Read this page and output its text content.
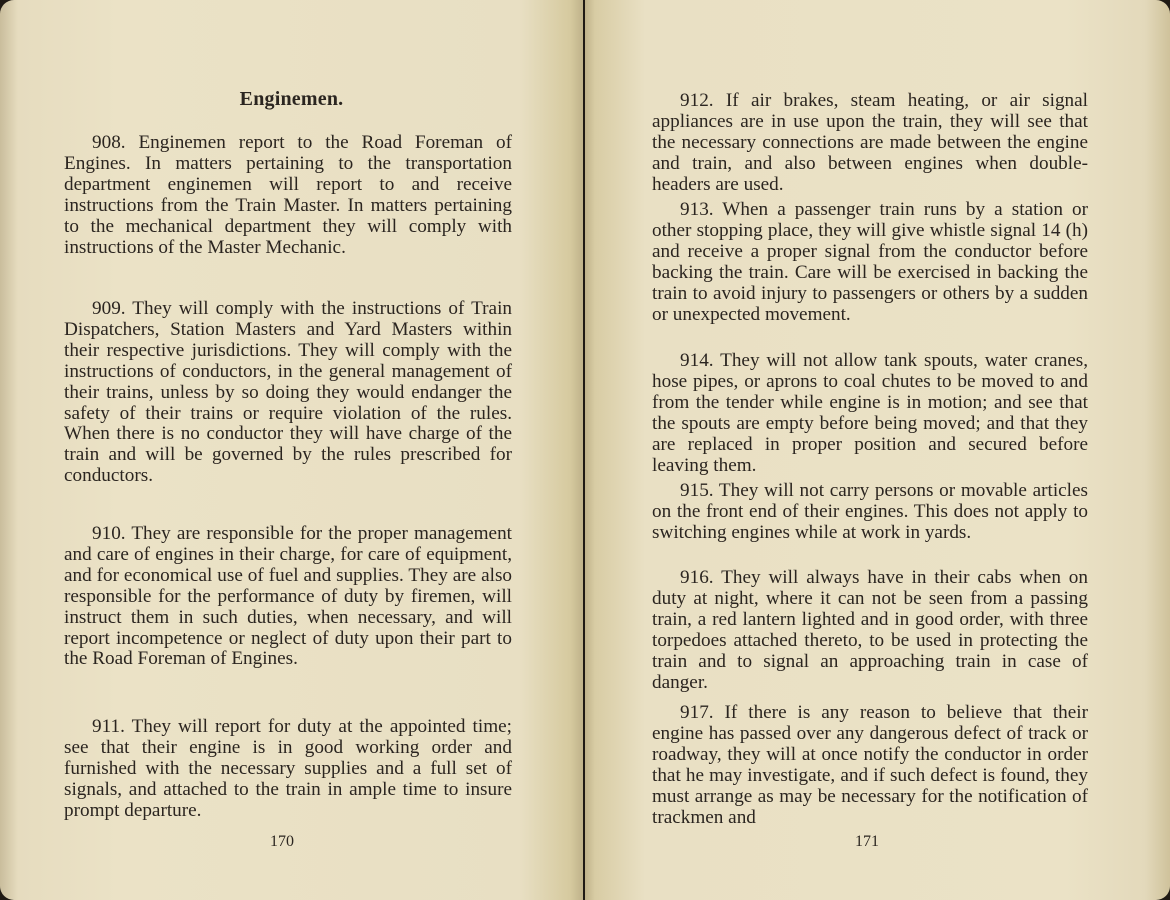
Enginemen.

908. Enginemen report to the Road Foreman of Engines. In matters pertaining to the transportation department enginemen will report to and receive instructions from the Train Master. In matters pertaining to the mechanical department they will comply with instructions of the Master Mechanic.

909. They will comply with the instructions of Train Dispatchers, Station Masters and Yard Masters within their respective jurisdictions. They will comply with the instructions of conductors, in the general management of their trains, unless by so doing they would endanger the safety of their trains or require violation of the rules. When there is no conductor they will have charge of the train and will be governed by the rules prescribed for conductors.

910. They are responsible for the proper management and care of engines in their charge, for care of equipment, and for economical use of fuel and supplies. They are also responsible for the performance of duty by firemen, will instruct them in such duties, when necessary, and will report incompetence or neglect of duty upon their part to the Road Foreman of Engines.

911. They will report for duty at the appointed time; see that their engine is in good working order and furnished with the necessary supplies and a full set of signals, and attached to the train in ample time to insure prompt departure.

170

912. If air brakes, steam heating, or air signal appliances are in use upon the train, they will see that the necessary connections are made between the engine and train, and also between engines when double-headers are used.

913. When a passenger train runs by a station or other stopping place, they will give whistle signal 14 (h) and receive a proper signal from the conductor before backing the train. Care will be exercised in backing the train to avoid injury to passengers or others by a sudden or unexpected movement.

914. They will not allow tank spouts, water cranes, hose pipes, or aprons to coal chutes to be moved to and from the tender while engine is in motion; and see that the spouts are empty before being moved; and that they are replaced in proper position and secured before leaving them.

915. They will not carry persons or movable articles on the front end of their engines. This does not apply to switching engines while at work in yards.

916. They will always have in their cabs when on duty at night, where it can not be seen from a passing train, a red lantern lighted and in good order, with three torpedoes attached thereto, to be used in protecting the train and to signal an approaching train in case of danger.

917. If there is any reason to believe that their engine has passed over any dangerous defect of track or roadway, they will at once notify the conductor in order that he may investigate, and if such defect is found, they must arrange as may be necessary for the notification of trackmen and

171
